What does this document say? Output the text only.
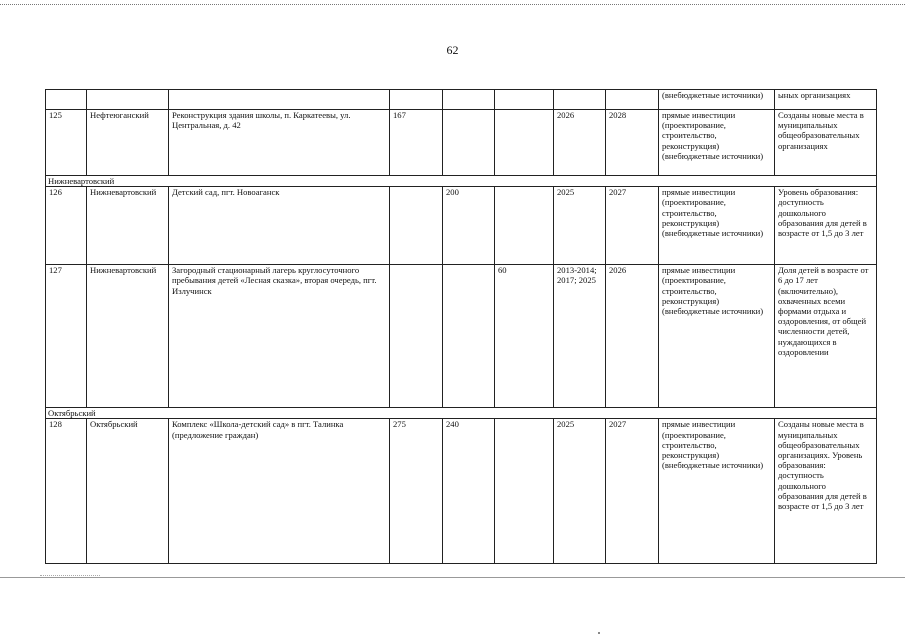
62
								(внебюджетные источники)	ыных организациях
125	Нефтеюганский	Реконструкция здания школы, п. Каркатеевы, ул. Центральная, д. 42	167			2026	2028	прямые инвестиции (проектирование, строительство, реконструкция) (внебюджетные источники)	Созданы новые места в муниципальных общеобразовательных организациях
Нижневартовский									
126	Нижневартовский	Детский сад, пгт. Новоаганск		200		2025	2027	прямые инвестиции (проектирование, строительство, реконструкция) (внебюджетные источники)	Уровень образования: доступность дошкольного образования для детей в возрасте от 1,5 до 3 лет
127	Нижневартовский	Загородный стационарный лагерь круглосуточного пребывания детей «Лесная сказка», вторая очередь, пгт. Излучинск			60	2013-2014; 2017; 2025	2026	прямые инвестиции (проектирование, строительство, реконструкция) (внебюджетные источники)	Доля детей в возрасте от 6 до 17 лет (включительно), охваченных всеми формами отдыха и оздоровления, от общей численности детей, нуждающихся в оздоровлении
Октябрьский									
128	Октябрьский	Комплекс «Школа-детский сад» в пгт. Талинка (предложение граждан)	275	240		2025	2027	прямые инвестиции (проектирование, строительство, реконструкция) (внебюджетные источники)	Созданы новые места в муниципальных общеобразовательных организациях. Уровень образования: доступность дошкольного образования для детей в возрасте от 1,5 до 3 лет
